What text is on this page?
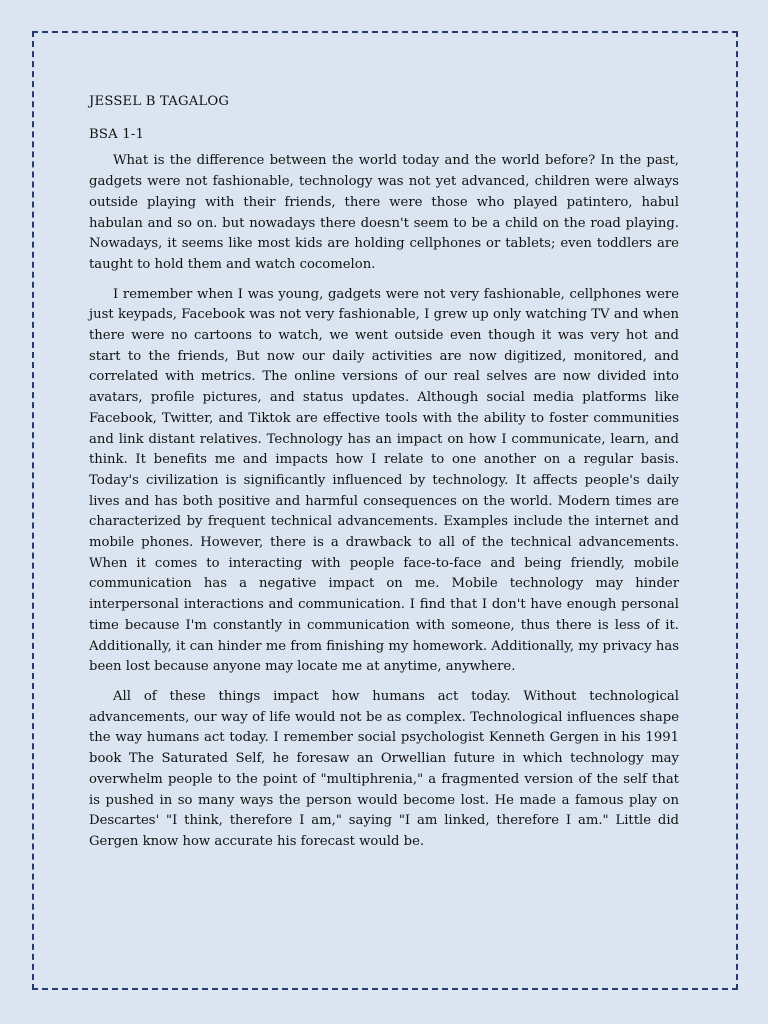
JESSEL B TAGALOG

BSA 1-1

What is the difference between the world today and the world before? In the past, gadgets were not fashionable, technology was not yet advanced, children were always outside playing with their friends, there were those who played patintero, habul habulan and so on. but nowadays there doesn't seem to be a child on the road playing. Nowadays, it seems like most kids are holding cellphones or tablets; even toddlers are taught to hold them and watch cocomelon.

I remember when I was young, gadgets were not very fashionable, cellphones were just keypads, Facebook was not very fashionable, I grew up only watching TV and when there were no cartoons to watch, we went outside even though it was very hot and start to the friends, But now our daily activities are now digitized, monitored, and correlated with metrics. The online versions of our real selves are now divided into avatars, profile pictures, and status updates. Although social media platforms like Facebook, Twitter, and Tiktok are effective tools with the ability to foster communities and link distant relatives. Technology has an impact on how I communicate, learn, and think. It benefits me and impacts how I relate to one another on a regular basis. Today's civilization is significantly influenced by technology. It affects people's daily lives and has both positive and harmful consequences on the world. Modern times are characterized by frequent technical advancements. Examples include the internet and mobile phones. However, there is a drawback to all of the technical advancements. When it comes to interacting with people face-to-face and being friendly, mobile communication has a negative impact on me. Mobile technology may hinder interpersonal interactions and communication. I find that I don't have enough personal time because I'm constantly in communication with someone, thus there is less of it. Additionally, it can hinder me from finishing my homework. Additionally, my privacy has been lost because anyone may locate me at anytime, anywhere.

All of these things impact how humans act today. Without technological advancements, our way of life would not be as complex. Technological influences shape the way humans act today. I remember social psychologist Kenneth Gergen in his 1991 book The Saturated Self, he foresaw an Orwellian future in which technology may overwhelm people to the point of "multiphrenia," a fragmented version of the self that is pushed in so many ways the person would become lost. He made a famous play on Descartes' "I think, therefore I am," saying "I am linked, therefore I am." Little did Gergen know how accurate his forecast would be.
